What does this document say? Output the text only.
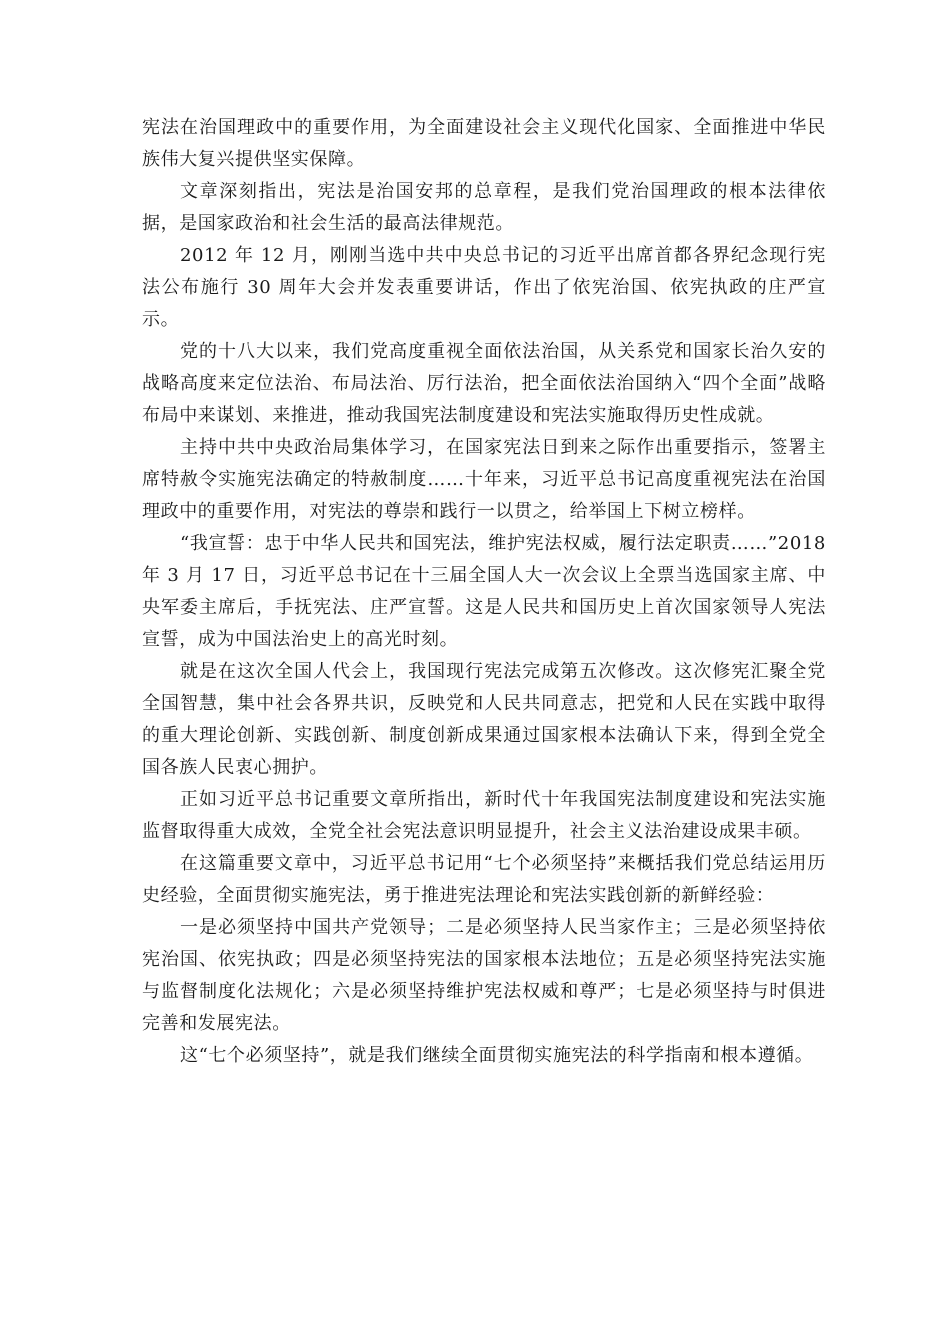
宪法在治国理政中的重要作用，为全面建设社会主义现代化国家、全面推进中华民族伟大复兴提供坚实保障。

文章深刻指出，宪法是治国安邦的总章程，是我们党治国理政的根本法律依据，是国家政治和社会生活的最高法律规范。

2012 年 12 月，刚刚当选中共中央总书记的习近平出席首都各界纪念现行宪法公布施行 30 周年大会并发表重要讲话，作出了依宪治国、依宪执政的庄严宣示。

党的十八大以来，我们党高度重视全面依法治国，从关系党和国家长治久安的战略高度来定位法治、布局法治、厉行法治，把全面依法治国纳入“四个全面”战略布局中来谋划、来推进，推动我国宪法制度建设和宪法实施取得历史性成就。

主持中共中央政治局集体学习，在国家宪法日到来之际作出重要指示，签署主席特赦令实施宪法确定的特赦制度……十年来，习近平总书记高度重视宪法在治国理政中的重要作用，对宪法的尊崇和践行一以贯之，给举国上下树立榜样。

“我宣誓：忠于中华人民共和国宪法，维护宪法权威，履行法定职责……”2018 年 3 月 17 日，习近平总书记在十三届全国人大一次会议上全票当选国家主席、中央军委主席后，手抚宪法、庄严宣誓。这是人民共和国历史上首次国家领导人宪法宣誓，成为中国法治史上的高光时刻。

就是在这次全国人代会上，我国现行宪法完成第五次修改。这次修宪汇聚全党全国智慧，集中社会各界共识，反映党和人民共同意志，把党和人民在实践中取得的重大理论创新、实践创新、制度创新成果通过国家根本法确认下来，得到全党全国各族人民衷心拥护。

正如习近平总书记重要文章所指出，新时代十年我国宪法制度建设和宪法实施监督取得重大成效，全党全社会宪法意识明显提升，社会主义法治建设成果丰硕。

在这篇重要文章中，习近平总书记用“七个必须坚持”来概括我们党总结运用历史经验，全面贯彻实施宪法，勇于推进宪法理论和宪法实践创新的新鲜经验：

一是必须坚持中国共产党领导；二是必须坚持人民当家作主；三是必须坚持依宪治国、依宪执政；四是必须坚持宪法的国家根本法地位；五是必须坚持宪法实施与监督制度化法规化；六是必须坚持维护宪法权威和尊严；七是必须坚持与时俱进完善和发展宪法。

这“七个必须坚持”，就是我们继续全面贯彻实施宪法的科学指南和根本遵循。
